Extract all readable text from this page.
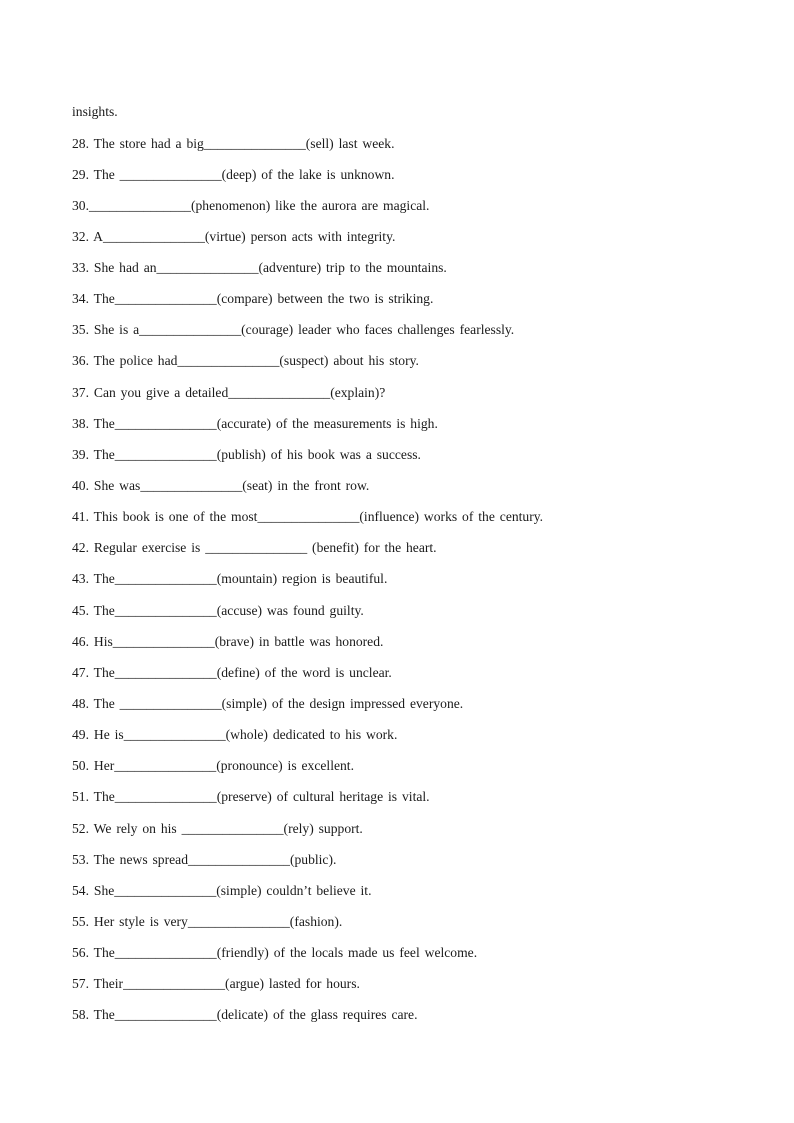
insights.
28. The store had a big_______________(sell) last week.
29. The _______________(deep) of the lake is unknown.
30._______________(phenomenon) like the aurora are magical.
32. A_______________(virtue) person acts with integrity.
33. She had an_______________(adventure) trip to the mountains.
34. The_______________(compare) between the two is striking.
35. She is a_______________(courage) leader who faces challenges fearlessly.
36. The police had_______________(suspect) about his story.
37. Can you give a detailed_______________(explain)?
38. The_______________(accurate) of the measurements is high.
39. The_______________(publish) of his book was a success.
40. She was_______________(seat) in the front row.
41. This book is one of the most_______________(influence) works of the century.
42. Regular exercise is _______________ (benefit) for the heart.
43. The_______________(mountain) region is beautiful.
45. The_______________(accuse) was found guilty.
46. His_______________(brave) in battle was honored.
47. The_______________(define) of the word is unclear.
48. The _______________(simple) of the design impressed everyone.
49. He is_______________(whole) dedicated to his work.
50. Her_______________(pronounce) is excellent.
51. The_______________(preserve) of cultural heritage is vital.
52. We rely on his _______________(rely) support.
53. The news spread_______________(public).
54. She_______________(simple) couldn’t believe it.
55. Her style is very_______________(fashion).
56. The_______________(friendly) of the locals made us feel welcome.
57. Their_______________(argue) lasted for hours.
58. The_______________(delicate) of the glass requires care.
